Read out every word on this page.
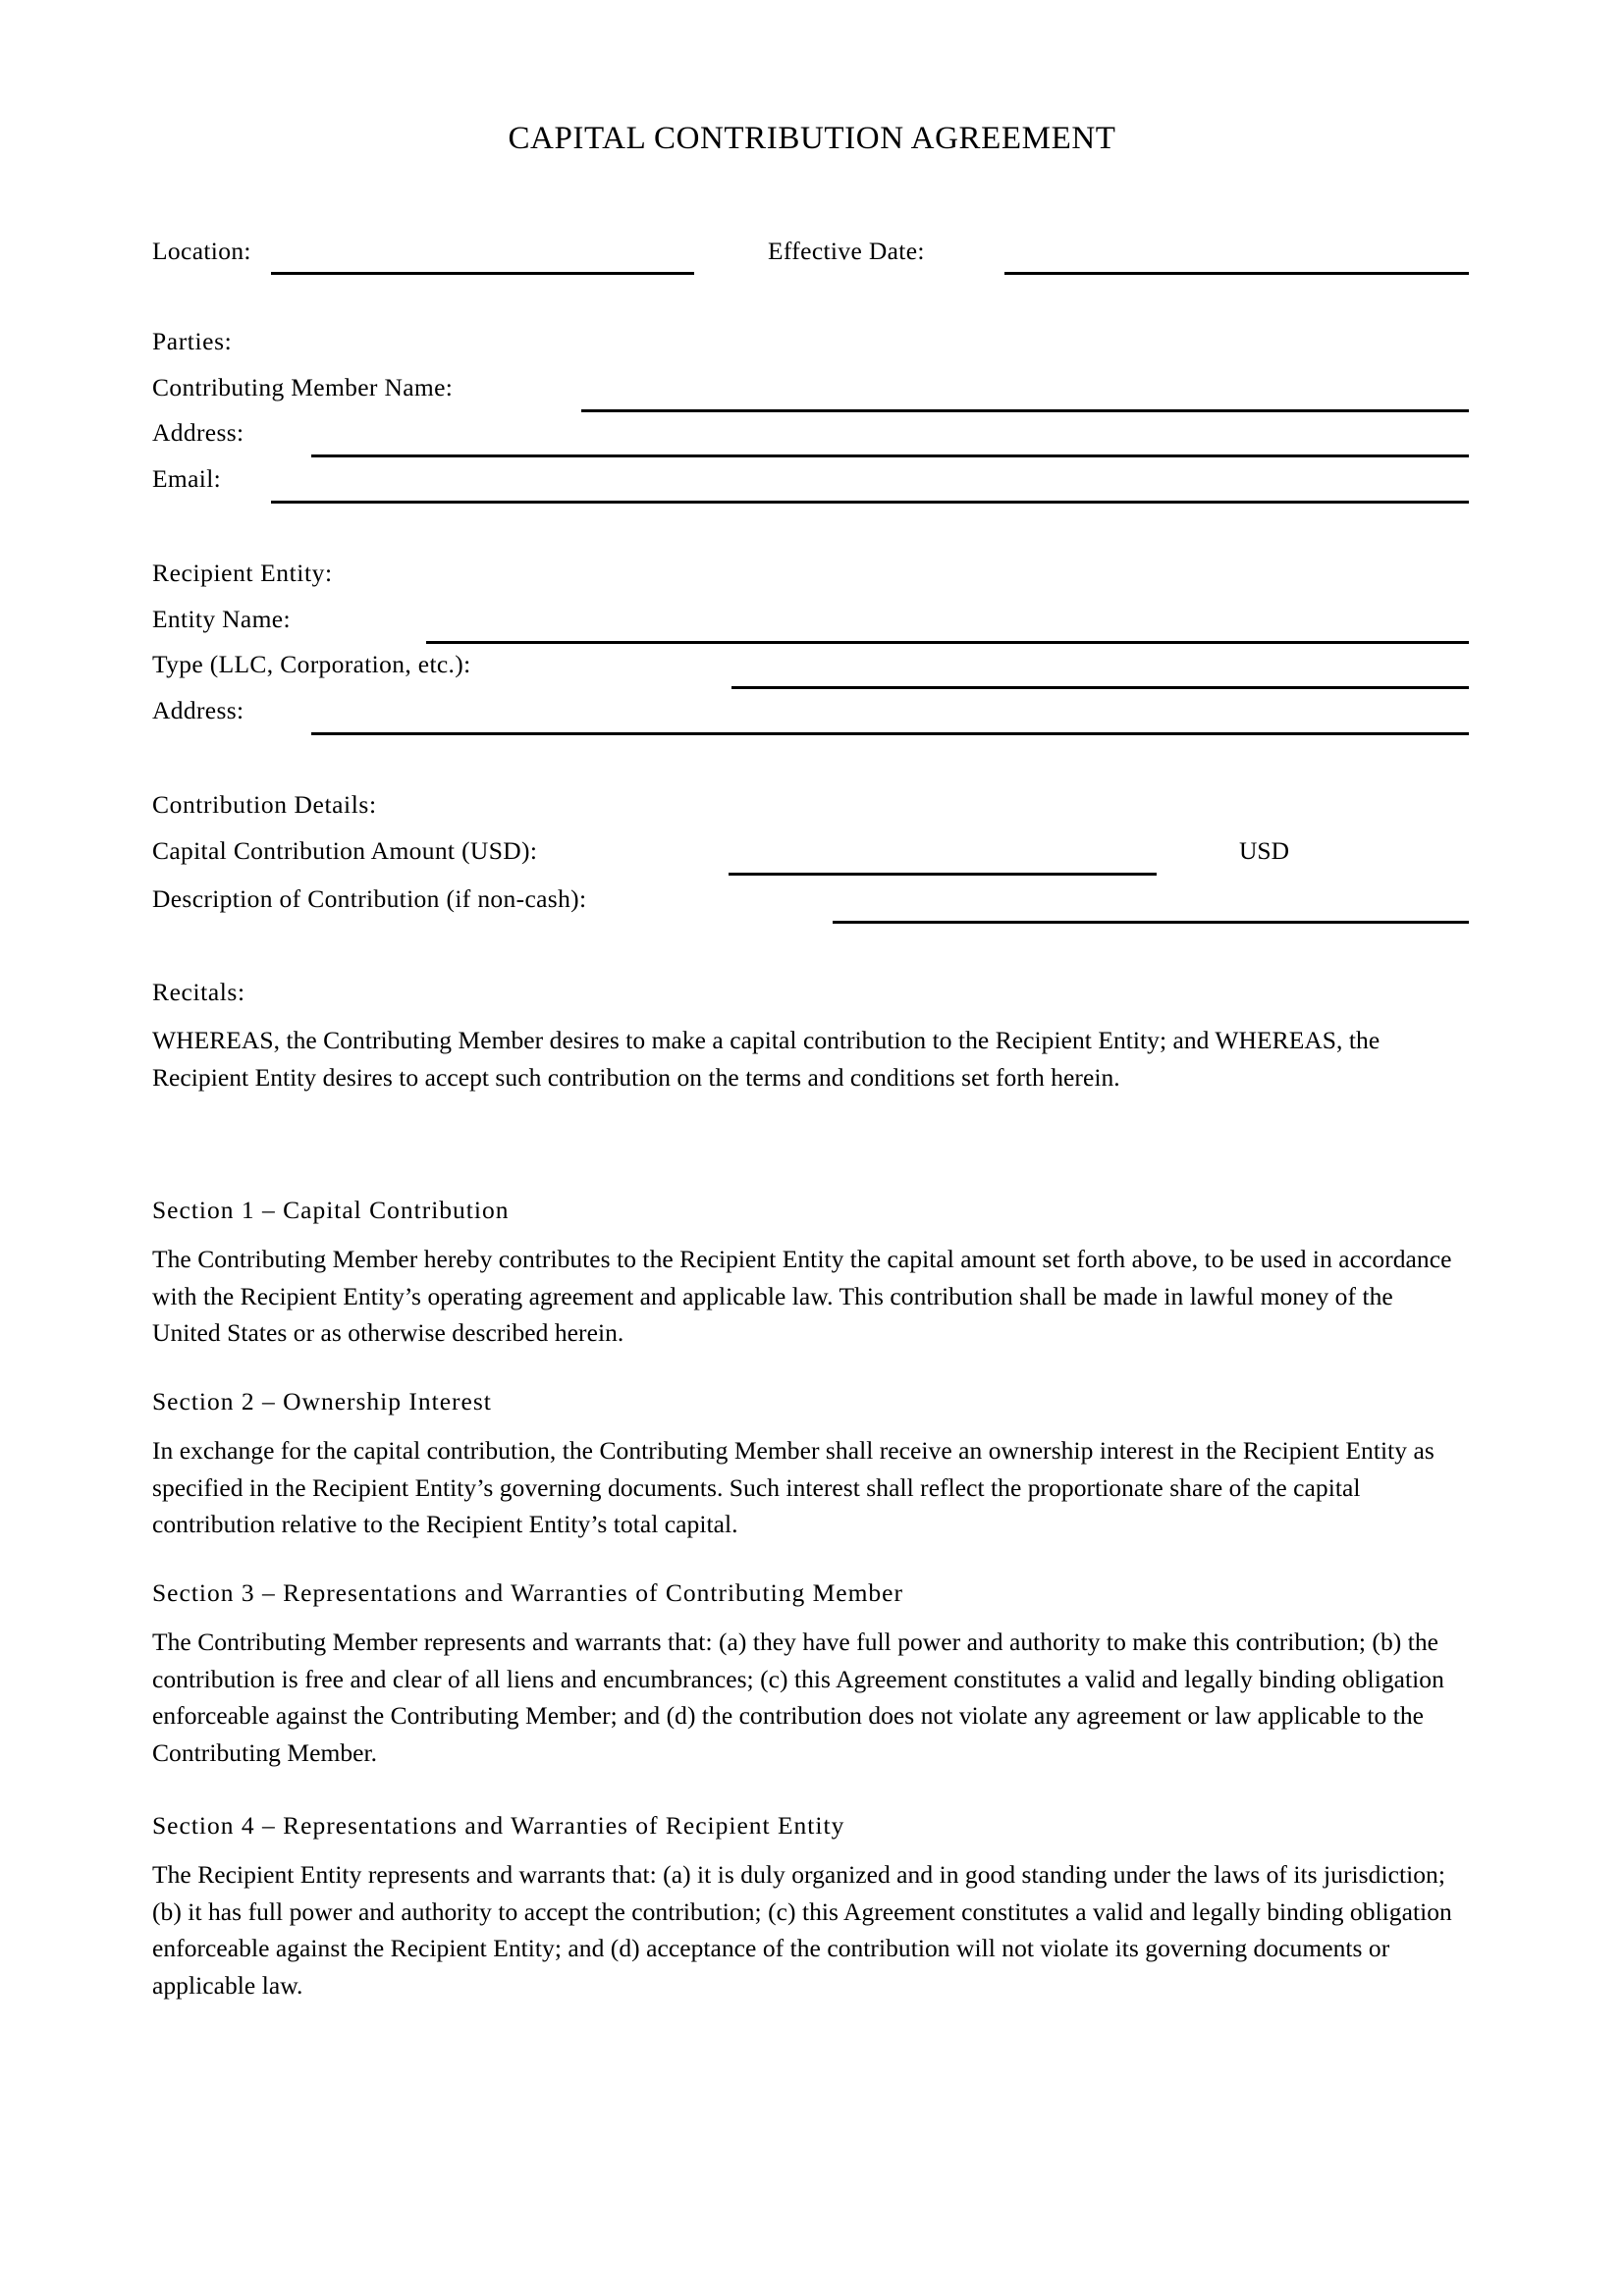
CAPITAL CONTRIBUTION AGREEMENT
Location:	Effective Date:
Parties:
Contributing Member Name:
Address:
Email:
Recipient Entity:
Entity Name:
Type (LLC, Corporation, etc.):
Address:
Contribution Details:
Capital Contribution Amount (USD):	USD
Description of Contribution (if non-cash):
Recitals:
WHEREAS, the Contributing Member desires to make a capital contribution to the Recipient Entity; and WHEREAS, the Recipient Entity desires to accept such contribution on the terms and conditions set forth herein.
Section 1 – Capital Contribution
The Contributing Member hereby contributes to the Recipient Entity the capital amount set forth above, to be used in accordance with the Recipient Entity’s operating agreement and applicable law. This contribution shall be made in lawful money of the United States or as otherwise described herein.
Section 2 – Ownership Interest
In exchange for the capital contribution, the Contributing Member shall receive an ownership interest in the Recipient Entity as specified in the Recipient Entity’s governing documents. Such interest shall reflect the proportionate share of the capital contribution relative to the Recipient Entity’s total capital.
Section 3 – Representations and Warranties of Contributing Member
The Contributing Member represents and warrants that: (a) they have full power and authority to make this contribution; (b) the contribution is free and clear of all liens and encumbrances; (c) this Agreement constitutes a valid and legally binding obligation enforceable against the Contributing Member; and (d) the contribution does not violate any agreement or law applicable to the Contributing Member.
Section 4 – Representations and Warranties of Recipient Entity
The Recipient Entity represents and warrants that: (a) it is duly organized and in good standing under the laws of its jurisdiction; (b) it has full power and authority to accept the contribution; (c) this Agreement constitutes a valid and legally binding obligation enforceable against the Recipient Entity; and (d) acceptance of the contribution will not violate its governing documents or applicable law.
